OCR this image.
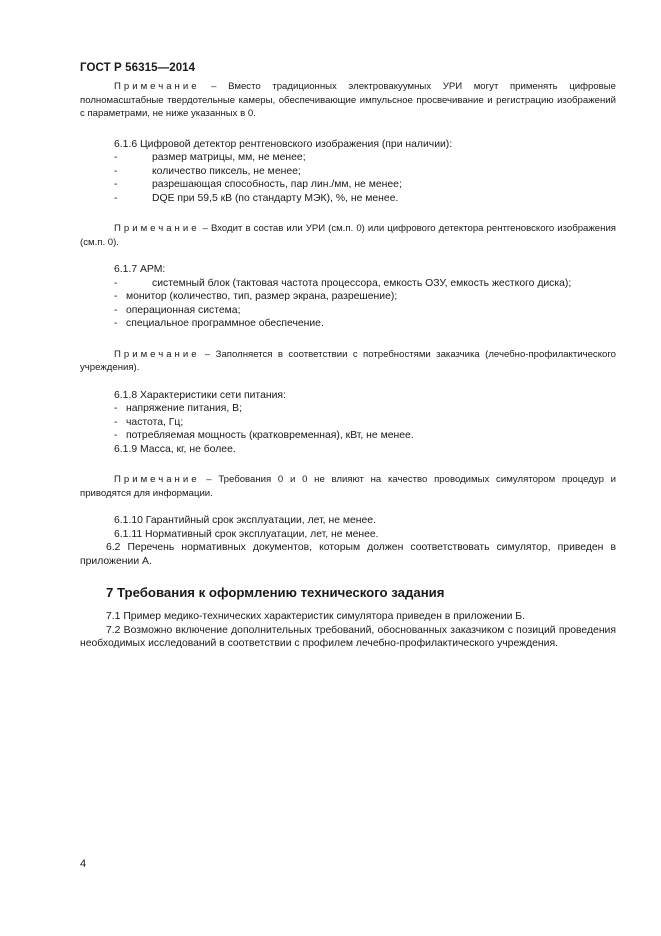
ГОСТ Р 56315—2014

Примечание – Вместо традиционных электровакуумных УРИ могут применять цифровые полномасштабные твердотельные камеры, обеспечивающие импульсное просвечивание и регистрацию изображений с параметрами, не ниже указанных в 0.

6.1.6 Цифровой детектор рентгеновского изображения (при наличии):

-	размер матрицы, мм, не менее;

-	количество пиксель, не менее;

-	разрешающая способность, пар лин./мм, не менее;

-	DQE при 59,5 кВ (по стандарту МЭК), %, не менее.

Примечание – Входит в состав или УРИ (см.п. 0) или цифрового детектора рентгеновского изображения (см.п. 0).

6.1.7 АРМ:

-	системный блок (тактовая частота процессора, емкость ОЗУ, емкость жесткого диска);

- монитор (количество, тип, размер экрана, разрешение);

- операционная система;

- специальное программное обеспечение.

Примечание – Заполняется в соответствии с потребностями заказчика (лечебно-профилактического учреждения).

6.1.8 Характеристики сети питания:

- напряжение питания, В;

- частота, Гц;

- потребляемая мощность (кратковременная), кВт, не менее.

6.1.9 Масса, кг, не более.

Примечание – Требования 0 и 0 не влияют на качество проводимых симулятором процедур и приводятся для информации.

6.1.10 Гарантийный срок эксплуатации, лет, не менее.

6.1.11 Нормативный срок эксплуатации, лет, не менее.

6.2 Перечень нормативных документов, которым должен соответствовать симулятор, приведен в приложении А.

7 Требования к оформлению технического задания

7.1 Пример медико-технических характеристик симулятора приведен в приложении Б.

7.2 Возможно включение дополнительных требований, обоснованных заказчиком с позиций проведения необходимых исследований в соответствии с профилем лечебно-профилактического учреждения.

4
